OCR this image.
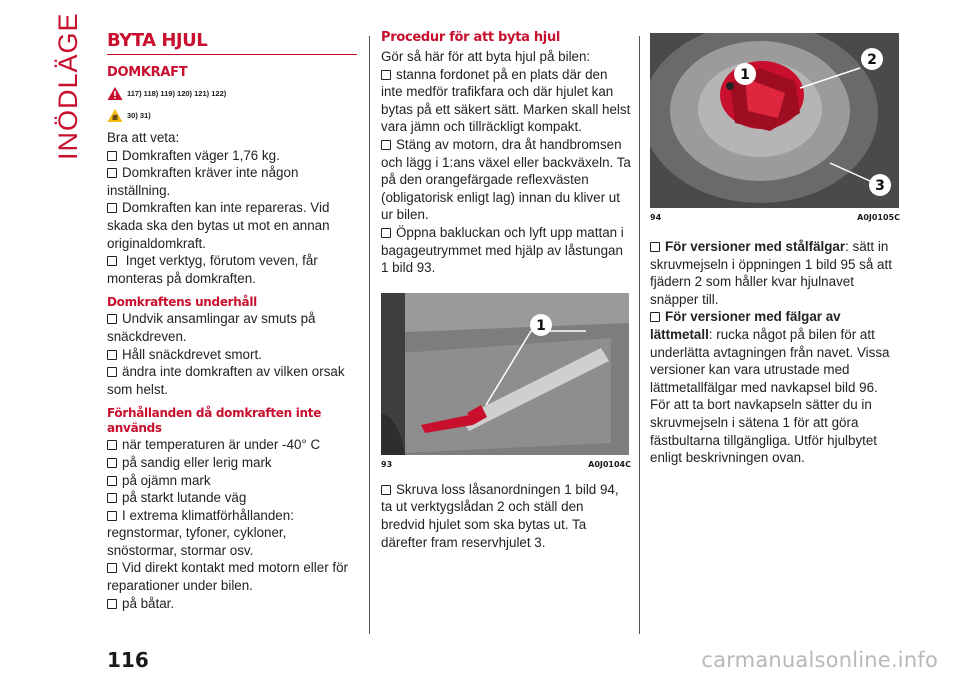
INÖDLÄGE BYTA HJUL
DOMKRAFT
117) 118) 119) 120) 121) 122)
30) 31)

Bra att veta:

Domkraften väger 1,76 kg.

Domkraften kräver inte någon inställning.

Domkraften kan inte repareras. Vid skada ska den bytas ut mot en annan originaldomkraft.

Inget verktyg, förutom veven, får monteras på domkraften.

Domkraftens underhåll

Undvik ansamlingar av smuts på snäckdreven.

Håll snäckdrevet smort.

ändra inte domkraften av vilken orsak som helst.

Förhållanden då domkraften inte används

när temperaturen är under -40° C

på sandig eller lerig mark

på ojämn mark

på starkt lutande väg

I extrema klimatförhållanden: regnstormar, tyfoner, cykloner, snöstormar, stormar osv.

Vid direkt kontakt med motorn eller för reparationer under bilen.

på båtar.

Procedur för att byta hjul

Gör så här för att byta hjul på bilen:

stanna fordonet på en plats där den inte medför trafikfara och där hjulet kan bytas på ett säkert sätt. Marken skall helst vara jämn och tillräckligt kompakt.

Stäng av motorn, dra åt handbromsen och lägg i 1:ans växel eller backväxeln. Ta på den orangefärgade reflexvästen (obligatorisk enligt lag) innan du kliver ut ur bilen.

Öppna bakluckan och lyft upp mattan i bagageutrymmet med hjälp av låstungan 1 bild 93.

1
93	A0J0104C

Skruva loss låsanordningen 1 bild 94, ta ut verktygslådan 2 och ställ den bredvid hjulet som ska bytas ut. Ta därefter fram reservhjulet 3.

1
2
3
94	A0J0105C

För versioner med stålfälgar: sätt in skruvmejseln i öppningen 1 bild 95 så att fjädern 2 som håller kvar hjulnavet snäpper till.

För versioner med fälgar av lättmetall: rucka något på bilen för att underlätta avtagningen från navet. Vissa versioner kan vara utrustade med lättmetallfälgar med navkapsel bild 96. För att ta bort navkapseln sätter du in skruvmejseln i sätena 1 för att göra fästbultarna tillgängliga. Utför hjulbytet enligt beskrivningen ovan.

116	carmanualsonline.info
